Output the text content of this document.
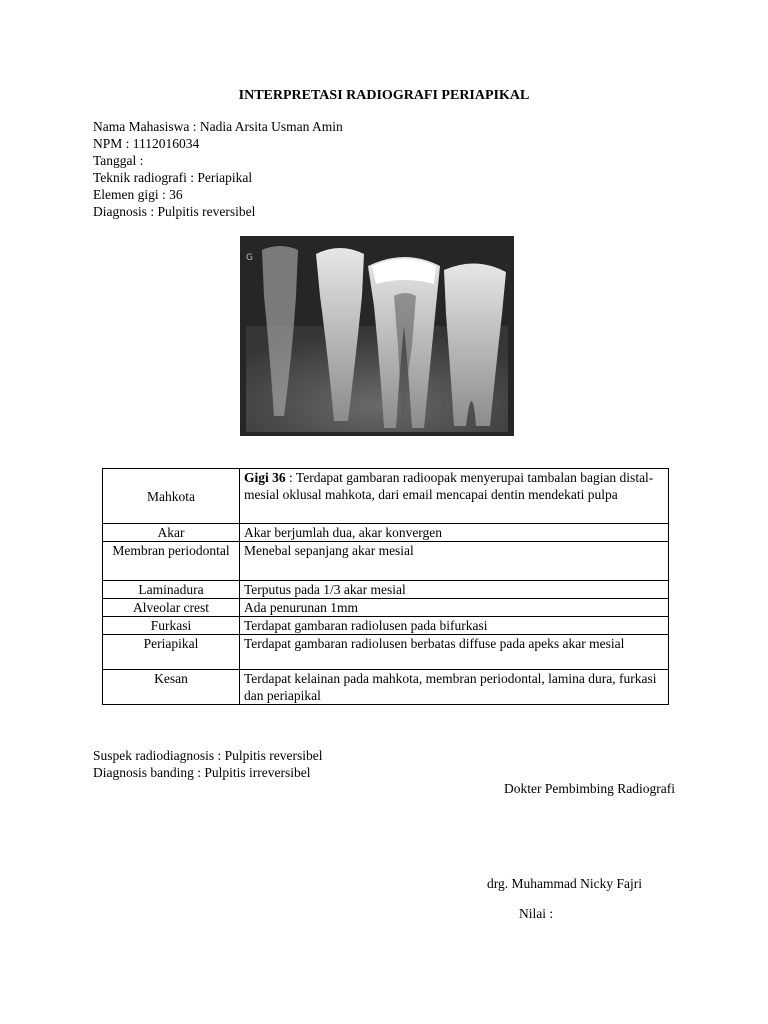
INTERPRETASI RADIOGRAFI PERIAPIKAL
Nama Mahasiswa : Nadia Arsita Usman Amin
NPM : 1112016034
Tanggal :
Teknik radiografi : Periapikal
Elemen gigi : 36
Diagnosis : Pulpitis reversibel
G
Mahkota	Gigi 36 : Terdapat gambaran radioopak menyerupai tambalan bagian distal-mesial oklusal mahkota, dari email mencapai dentin mendekati pulpa
Akar	Akar berjumlah dua, akar konvergen
Membran periodontal	Menebal sepanjang akar mesial
Laminadura	Terputus pada 1/3 akar mesial
Alveolar crest	Ada penurunan 1mm
Furkasi	Terdapat gambaran radiolusen pada bifurkasi
Periapikal	Terdapat gambaran radiolusen berbatas diffuse pada apeks akar mesial
Kesan	Terdapat kelainan pada mahkota, membran periodontal, lamina dura, furkasi dan periapikal
Suspek radiodiagnosis : Pulpitis reversibel
Diagnosis banding : Pulpitis irreversibel
Dokter Pembimbing Radiografi
drg. Muhammad Nicky Fajri
Nilai :
